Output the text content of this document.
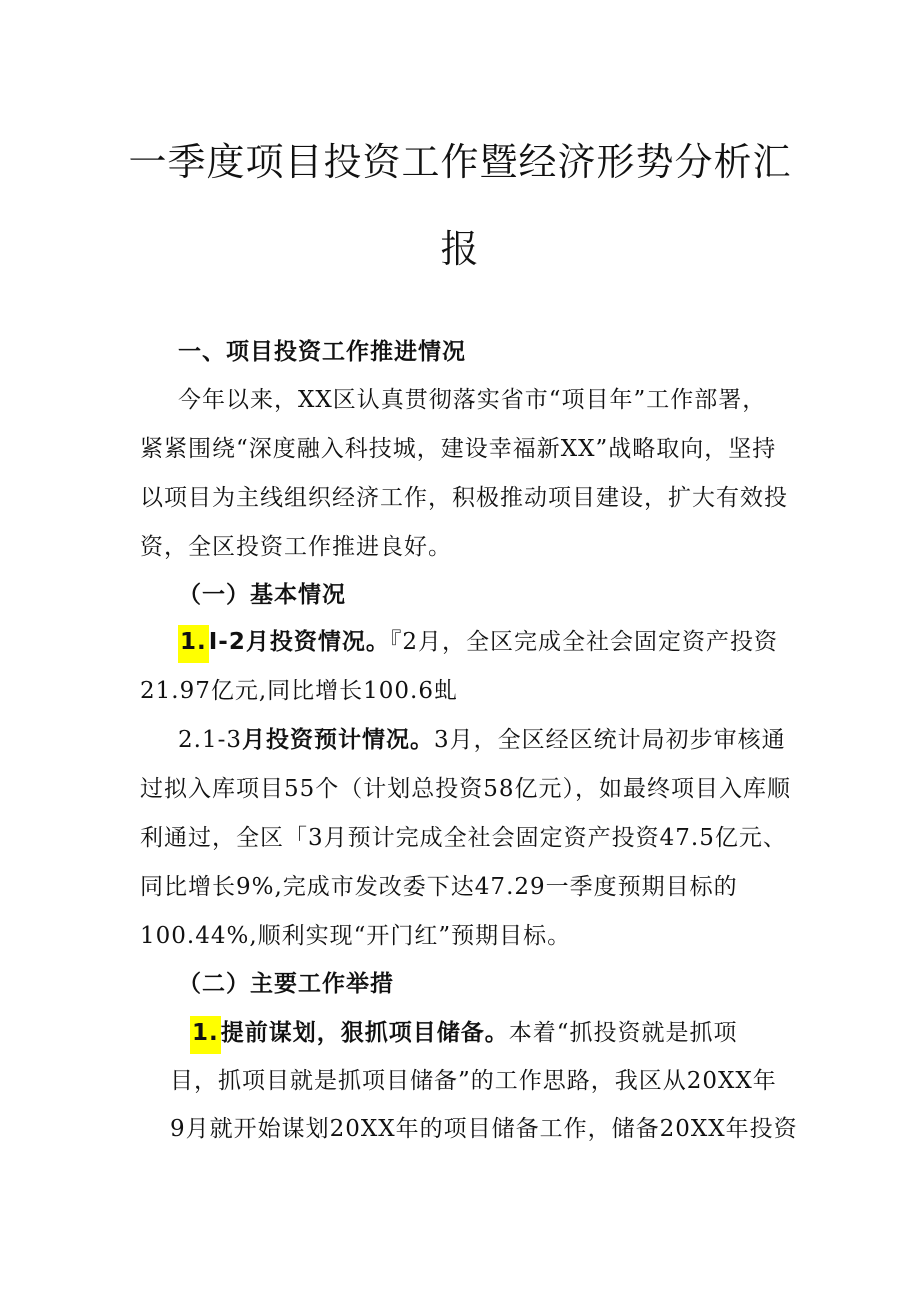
一季度项目投资工作暨经济形势分析汇
报
一、项目投资工作推进情况
今年以来，XX区认真贯彻落实省市“项目年”工作部署，
紧紧围绕“深度融入科技城，建设幸福新XX”战略取向，坚持
以项目为主线组织经济工作，积极推动项目建设，扩大有效投
资，全区投资工作推进良好。
（一）基本情况
1.I-2月投资情况。『2月，全区完成全社会固定资产投资
21.97亿元,同比增长100.6虬
2.1-3月投资预计情况。3月，全区经区统计局初步审核通
过拟入库项目55个（计划总投资58亿元），如最终项目入库顺
利通过，全区「3月预计完成全社会固定资产投资47.5亿元、
同比增长9%,完成市发改委下达47.29一季度预期目标的
100.44%,顺利实现“开门红”预期目标。
（二）主要工作举措
1.提前谋划，狠抓项目储备。本着“抓投资就是抓项
目，抓项目就是抓项目储备”的工作思路，我区从20XX年
9月就开始谋划20XX年的项目储备工作，储备20XX年投资
